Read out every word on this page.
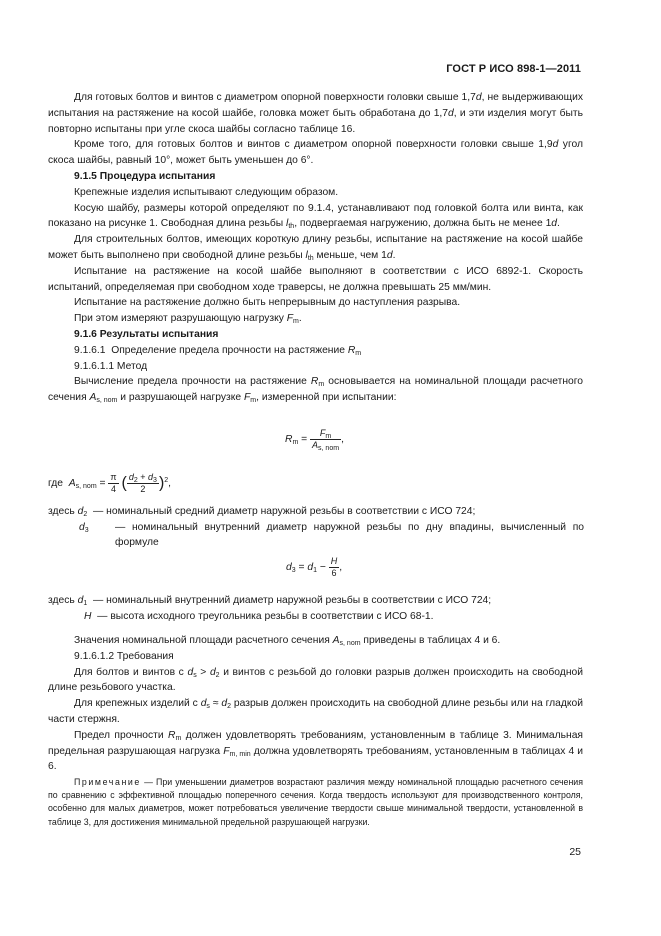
ГОСТ Р ИСО 898-1—2011

Для готовых болтов и винтов с диаметром опорной поверхности головки свыше 1,7d, не выдерживающих испытания на растяжение на косой шайбе, головка может быть обработана до 1,7d, и эти изделия могут быть повторно испытаны при угле скоса шайбы согласно таблице 16.

Кроме того, для готовых болтов и винтов с диаметром опорной поверхности головки свыше 1,9d угол скоса шайбы, равный 10°, может быть уменьшен до 6°.

9.1.5 Процедура испытания

Крепежные изделия испытывают следующим образом.

Косую шайбу, размеры которой определяют по 9.1.4, устанавливают под головкой болта или винта, как показано на рисунке 1. Свободная длина резьбы $l_{th}$, подвергаемая нагружению, должна быть не менее 1d.

Для строительных болтов, имеющих короткую длину резьбы, испытание на растяжение на косой шайбе может быть выполнено при свободной длине резьбы $l_{th}$ меньше, чем 1d.

Испытание на растяжение на косой шайбе выполняют в соответствии с ИСО 6892-1. Скорость испытаний, определяемая при свободном ходе траверсы, не должна превышать 25 мм/мин.

Испытание на растяжение должно быть непрерывным до наступления разрыва.

При этом измеряют разрушающую нагрузку $F_m$.

9.1.6 Результаты испытания

9.1.6.1  Определение предела прочности на растяжение $R_m$

9.1.6.1.1 Метод

Вычисление предела прочности на растяжение $R_m$ основывается на номинальной площади расчетного сечения $A_{s, nom}$ и разрушающей нагрузке $F_m$, измеренной при испытании:

$R_m = \frac{F_m}{A_{s, nom}}$ ,
где $A_{s, nom} = \frac{\pi}{4}$ ( $\frac{d_2 + d_3}{2} )^2$,
здесь $d_2$ — номинальный средний диаметр наружной резьбы в соответствии с ИСО 724;
$d_3$	— номинальный внутренний диаметр наружной резьбы по дну впадины, вычисленный по формуле
$d_3 = d_1 - \frac{H}{6}$ ,
здесь $d_1$ — номинальный внутренний диаметр наружной резьбы в соответствии с ИСО 724;
H — высота исходного треугольника резьбы в соответствии с ИСО 68-1.

Значения номинальной площади расчетного сечения $A_{s, nom}$ приведены в таблицах 4 и 6.

9.1.6.1.2 Требования

Для болтов и винтов с $d_s > d_2$ и винтов с резьбой до головки разрыв должен происходить на свободной длине резьбового участка.

Для крепежных изделий с $d_s \approx d_2$ разрыв должен происходить на свободной длине резьбы или на гладкой части стержня.

Предел прочности $R_m$ должен удовлетворять требованиям, установленным в таблице 3. Минимальная предельная разрушающая нагрузка $F_{m, min}$ должна удовлетворять требованиям, установленным в таблицах 4 и 6.

Примечание — При уменьшении диаметров возрастают различия между номинальной площадью расчетного сечения по сравнению с эффективной площадью поперечного сечения. Когда твердость используют для производственного контроля, особенно для малых диаметров, может потребоваться увеличение твердости свыше минимальной твердости, установленной в таблице 3, для достижения минимальной предельной разрушающей нагрузки.

25
